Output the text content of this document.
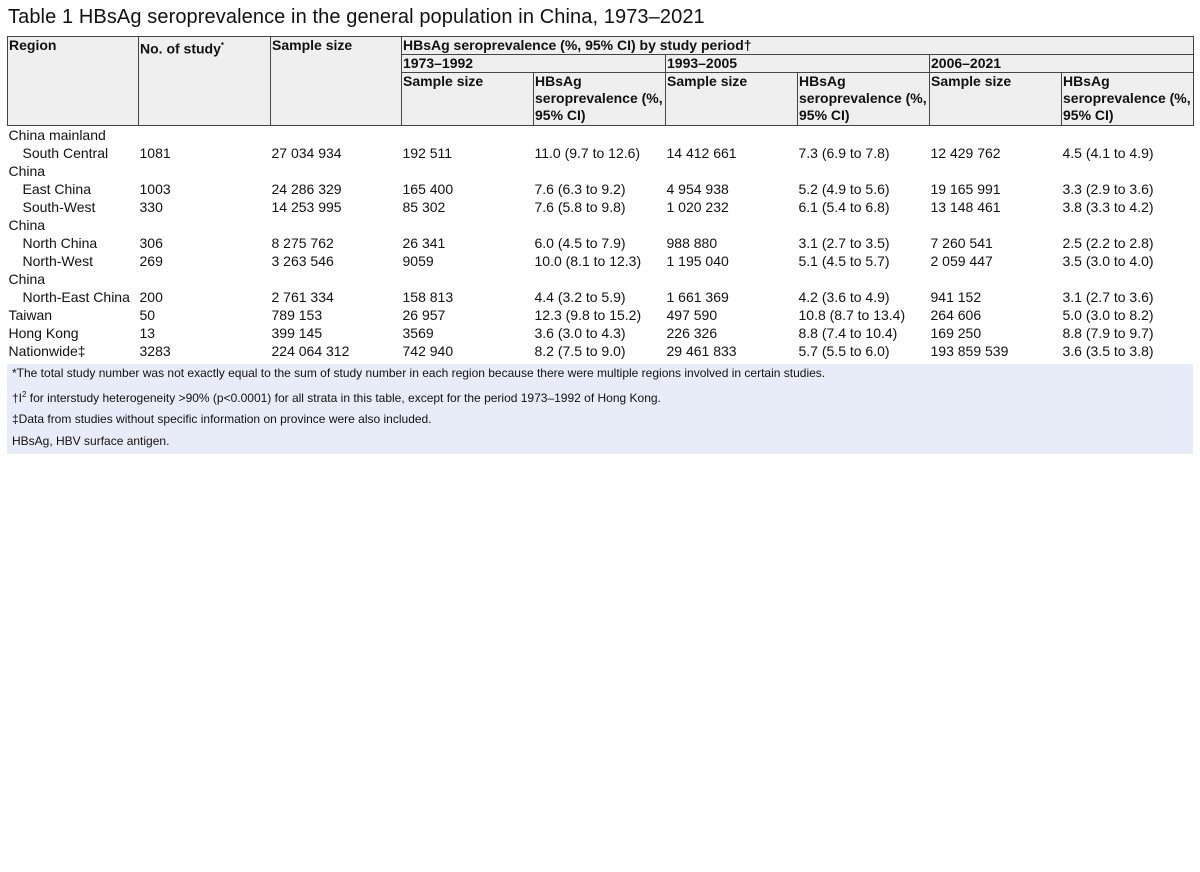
Table 1 HBsAg seroprevalence in the general population in China, 1973–2021
Region	No. of study*	Sample size	HBsAg seroprevalence (%, 95% CI) by study period†					
			1973–1992		1993–2005		2006–2021	
			Sample size	HBsAg seroprevalence (%, 95% CI)	Sample size	HBsAg seroprevalence (%, 95% CI)	Sample size	HBsAg seroprevalence (%, 95% CI)
China mainland								
South Central	1081	27 034 934	192 511	11.0 (9.7 to 12.6)	14 412 661	7.3 (6.9 to 7.8)	12 429 762	4.5 (4.1 to 4.9)
China								
East China	1003	24 286 329	165 400	7.6 (6.3 to 9.2)	4 954 938	5.2 (4.9 to 5.6)	19 165 991	3.3 (2.9 to 3.6)
South-West	330	14 253 995	85 302	7.6 (5.8 to 9.8)	1 020 232	6.1 (5.4 to 6.8)	13 148 461	3.8 (3.3 to 4.2)
China								
North China	306	8 275 762	26 341	6.0 (4.5 to 7.9)	988 880	3.1 (2.7 to 3.5)	7 260 541	2.5 (2.2 to 2.8)
North-West	269	3 263 546	9059	10.0 (8.1 to 12.3)	1 195 040	5.1 (4.5 to 5.7)	2 059 447	3.5 (3.0 to 4.0)
China								
North-East China	200	2 761 334	158 813	4.4 (3.2 to 5.9)	1 661 369	4.2 (3.6 to 4.9)	941 152	3.1 (2.7 to 3.6)
Taiwan	50	789 153	26 957	12.3 (9.8 to 15.2)	497 590	10.8 (8.7 to 13.4)	264 606	5.0 (3.0 to 8.2)
Hong Kong	13	399 145	3569	3.6 (3.0 to 4.3)	226 326	8.8 (7.4 to 10.4)	169 250	8.8 (7.9 to 9.7)
Nationwide‡	3283	224 064 312	742 940	8.2 (7.5 to 9.0)	29 461 833	5.7 (5.5 to 6.0)	193 859 539	3.6 (3.5 to 3.8)
*The total study number was not exactly equal to the sum of study number in each region because there were multiple regions involved in certain studies.
$\dagger I^2$ for interstudy heterogeneity >90% (p<0.0001) for all strata in this table, except for the period 1973–1992 of Hong Kong.
‡Data from studies without specific information on province were also included.
HBsAg, HBV surface antigen.
